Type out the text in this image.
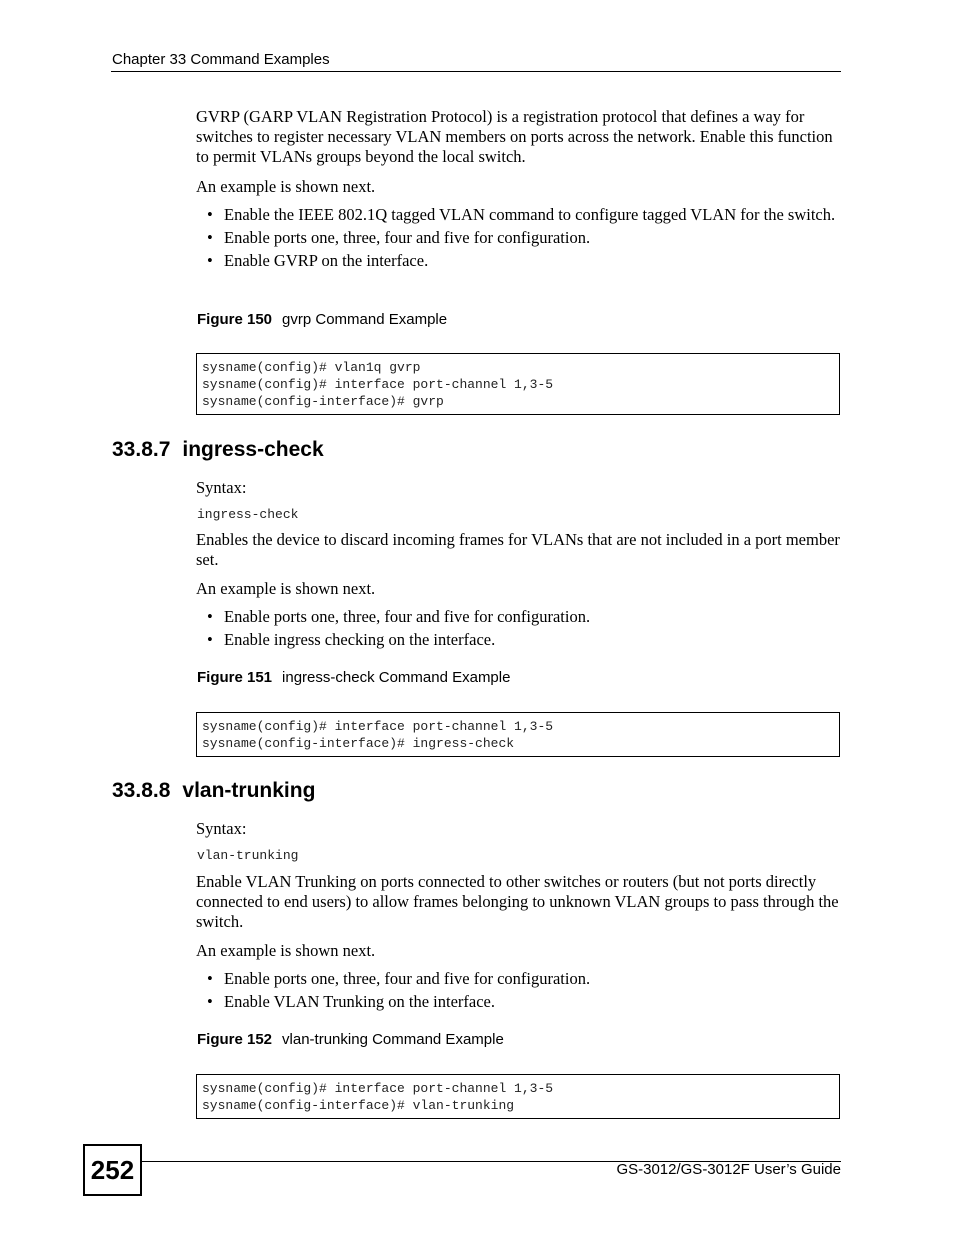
Chapter 33 Command Examples
GVRP (GARP VLAN Registration Protocol) is a registration protocol that defines a way for switches to register necessary VLAN members on ports across the network. Enable this function to permit VLANs groups beyond the local switch.
An example is shown next.
• Enable the IEEE 802.1Q tagged VLAN command to configure tagged VLAN for the switch.
• Enable ports one, three, four and five for configuration.
• Enable GVRP on the interface.
Figure 150 gvrp Command Example
sysname(config)# vlan1q gvrp
sysname(config)# interface port-channel 1,3-5
sysname(config-interface)# gvrp
33.8.7 ingress-check
Syntax:
ingress-check
Enables the device to discard incoming frames for VLANs that are not included in a port member set.
An example is shown next.
• Enable ports one, three, four and five for configuration.
• Enable ingress checking on the interface.
Figure 151 ingress-check Command Example
sysname(config)# interface port-channel 1,3-5
sysname(config-interface)# ingress-check
33.8.8 vlan-trunking
Syntax:
vlan-trunking
Enable VLAN Trunking on ports connected to other switches or routers (but not ports directly connected to end users) to allow frames belonging to unknown VLAN groups to pass through the switch.
An example is shown next.
• Enable ports one, three, four and five for configuration.
• Enable VLAN Trunking on the interface.
Figure 152 vlan-trunking Command Example
sysname(config)# interface port-channel 1,3-5
sysname(config-interface)# vlan-trunking
252	GS-3012/GS-3012F User’s Guide
